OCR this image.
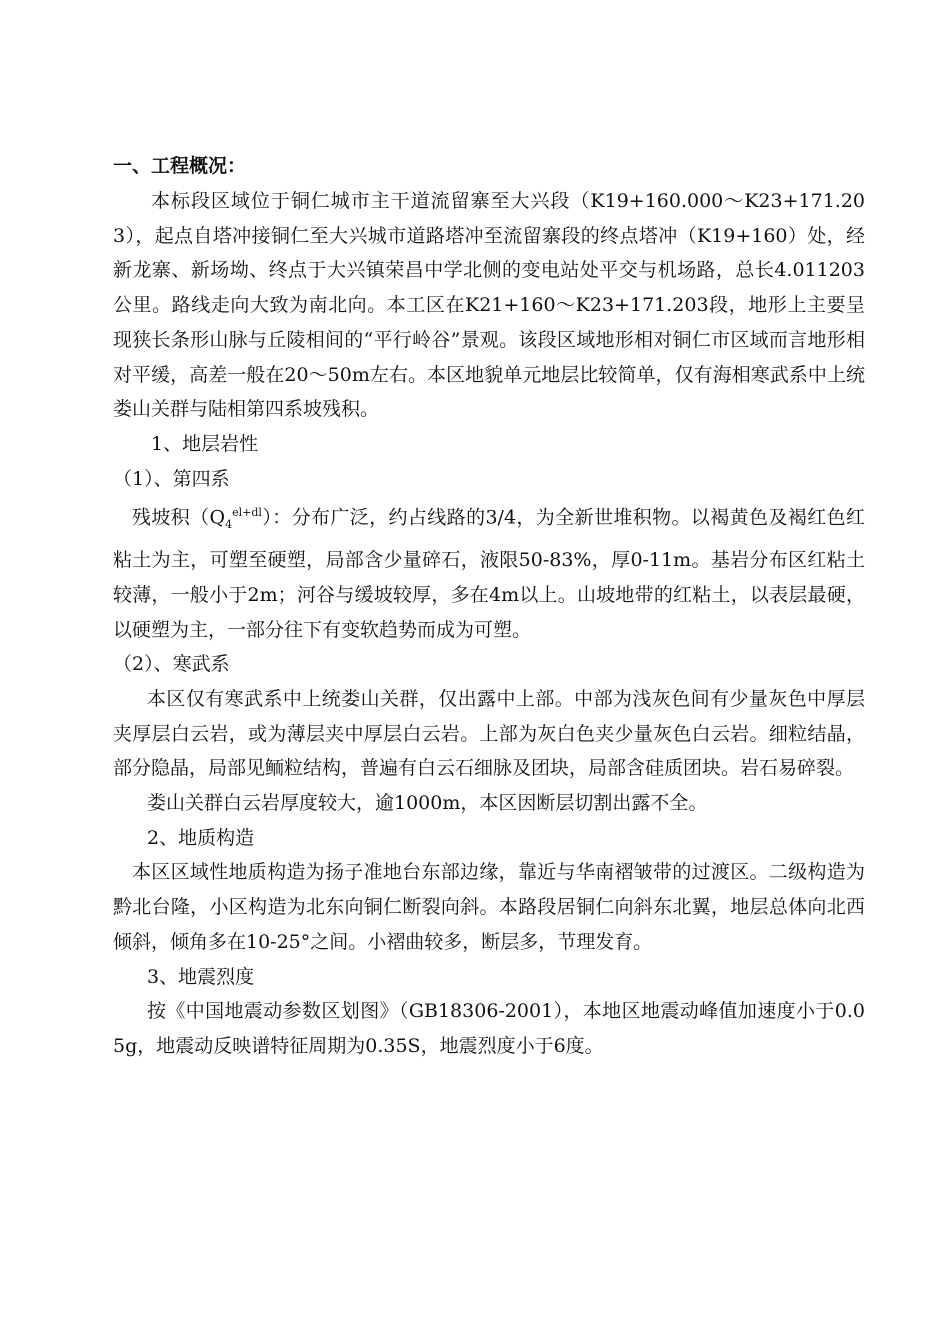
一、工程概况：

本标段区域位于铜仁城市主干道流留寨至大兴段（K19+160.000～K23+171.203），起点自塔冲接铜仁至大兴城市道路塔冲至流留寨段的终点塔冲（K19+160）处，经新龙寨、新场坳、终点于大兴镇荣昌中学北侧的变电站处平交与机场路，总长4.011203公里。路线走向大致为南北向。本工区在K21+160～K23+171.203段，地形上主要呈现狭长条形山脉与丘陵相间的“平行岭谷”景观。该段区域地形相对铜仁市区域而言地形相对平缓，高差一般在20～50m左右。本区地貌单元地层比较简单，仅有海相寒武系中上统娄山关群与陆相第四系坡残积。

1、地层岩性

（1）、第四系

残坡积$(Q_4^{el+dl})$：分布广泛，约占线路的3/4，为全新世堆积物。以褐黄色及褐红色红粘土为主，可塑至硬塑，局部含少量碎石，液限50-83%，厚0-11m。基岩分布区红粘土较薄，一般小于2m；河谷与缓坡较厚，多在4m以上。山坡地带的红粘土，以表层最硬，以硬塑为主，一部分往下有变软趋势而成为可塑。

（2）、寒武系

本区仅有寒武系中上统娄山关群，仅出露中上部。中部为浅灰色间有少量灰色中厚层夹厚层白云岩，或为薄层夹中厚层白云岩。上部为灰白色夹少量灰色白云岩。细粒结晶，部分隐晶，局部见鲕粒结构，普遍有白云石细脉及团块，局部含硅质团块。岩石易碎裂。

娄山关群白云岩厚度较大，逾1000m，本区因断层切割出露不全。

2、地质构造

本区区域性地质构造为扬子准地台东部边缘，靠近与华南褶皱带的过渡区。二级构造为黔北台隆，小区构造为北东向铜仁断裂向斜。本路段居铜仁向斜东北翼，地层总体向北西倾斜，倾角多在10-25°之间。小褶曲较多，断层多，节理发育。

3、地震烈度

按《中国地震动参数区划图》（GB18306-2001），本地区地震动峰值加速度小于0.05g，地震动反映谱特征周期为0.35S，地震烈度小于6度。
